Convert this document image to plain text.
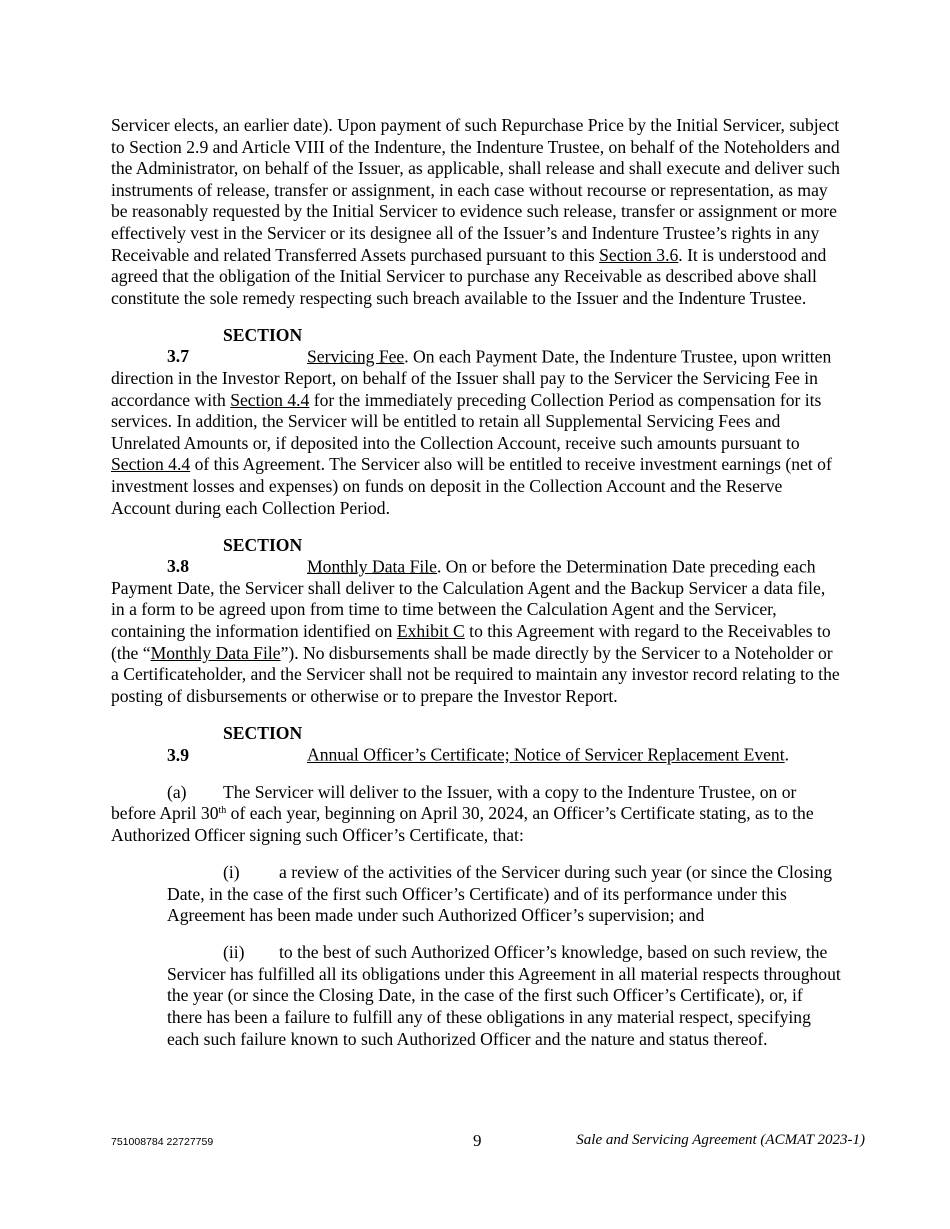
Servicer elects, an earlier date). Upon payment of such Repurchase Price by the Initial Servicer, subject to Section 2.9 and Article VIII of the Indenture, the Indenture Trustee, on behalf of the Noteholders and the Administrator, on behalf of the Issuer, as applicable, shall release and shall execute and deliver such instruments of release, transfer or assignment, in each case without recourse or representation, as may be reasonably requested by the Initial Servicer to evidence such release, transfer or assignment or more effectively vest in the Servicer or its designee all of the Issuer’s and Indenture Trustee’s rights in any Receivable and related Transferred Assets purchased pursuant to this Section 3.6. It is understood and agreed that the obligation of the Initial Servicer to purchase any Receivable as described above shall constitute the sole remedy respecting such breach available to the Issuer and the Indenture Trustee.

SECTION 3.7	Servicing Fee. On each Payment Date, the Indenture Trustee, upon written direction in the Investor Report, on behalf of the Issuer shall pay to the Servicer the Servicing Fee in accordance with Section 4.4 for the immediately preceding Collection Period as compensation for its services. In addition, the Servicer will be entitled to retain all Supplemental Servicing Fees and Unrelated Amounts or, if deposited into the Collection Account, receive such amounts pursuant to Section 4.4 of this Agreement. The Servicer also will be entitled to receive investment earnings (net of investment losses and expenses) on funds on deposit in the Collection Account and the Reserve Account during each Collection Period.

SECTION 3.8	Monthly Data File. On or before the Determination Date preceding each Payment Date, the Servicer shall deliver to the Calculation Agent and the Backup Servicer a data file, in a form to be agreed upon from time to time between the Calculation Agent and the Servicer, containing the information identified on Exhibit C to this Agreement with regard to the Receivables to (the “Monthly Data File”). No disbursements shall be made directly by the Servicer to a Noteholder or a Certificateholder, and the Servicer shall not be required to maintain any investor record relating to the posting of disbursements or otherwise or to prepare the Investor Report.

SECTION 3.9	Annual Officer’s Certificate; Notice of Servicer Replacement Event.

(a) The Servicer will deliver to the Issuer, with a copy to the Indenture Trustee, on or before April 30th of each year, beginning on April 30, 2024, an Officer’s Certificate stating, as to the Authorized Officer signing such Officer’s Certificate, that:

(i) a review of the activities of the Servicer during such year (or since the Closing Date, in the case of the first such Officer’s Certificate) and of its performance under this Agreement has been made under such Authorized Officer’s supervision; and

(ii) to the best of such Authorized Officer’s knowledge, based on such review, the Servicer has fulfilled all its obligations under this Agreement in all material respects throughout the year (or since the Closing Date, in the case of the first such Officer’s Certificate), or, if there has been a failure to fulfill any of these obligations in any material respect, specifying each such failure known to such Authorized Officer and the nature and status thereof.

751008784 22727759	9	Sale and Servicing Agreement (ACMAT 2023-1)
